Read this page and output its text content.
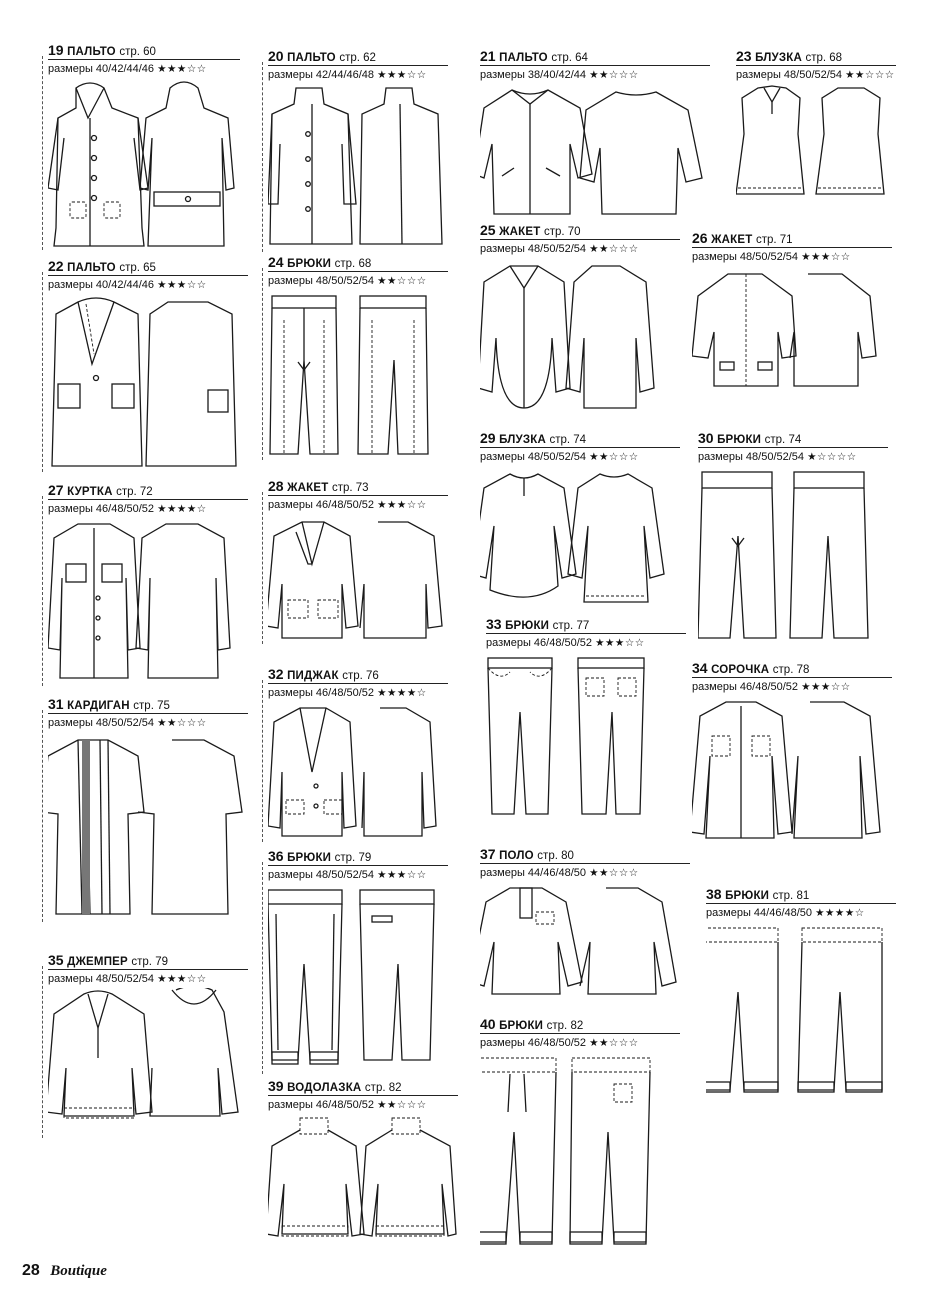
19 ПАЛЬТО стр. 60
размеры 40/42/44/46 ★★★☆☆
20 ПАЛЬТО стр. 62
размеры 42/44/46/48 ★★★☆☆
21 ПАЛЬТО стр. 64
размеры 38/40/42/44 ★★☆☆☆
23 БЛУЗКА стр. 68
размеры 48/50/52/54 ★★☆☆☆
22 ПАЛЬТО стр. 65
размеры 40/42/44/46 ★★★☆☆
24 БРЮКИ стр. 68
размеры 48/50/52/54 ★★☆☆☆
25 ЖАКЕТ стр. 70
размеры 48/50/52/54 ★★☆☆☆
26 ЖАКЕТ стр. 71
размеры 48/50/52/54 ★★★☆☆
27 КУРТКА стр. 72
размеры 46/48/50/52 ★★★★☆
28 ЖАКЕТ стр. 73
размеры 46/48/50/52 ★★★☆☆
29 БЛУЗКА стр. 74
размеры 48/50/52/54 ★★☆☆☆
30 БРЮКИ стр. 74
размеры 48/50/52/54 ★☆☆☆☆
31 КАРДИГАН стр. 75
размеры 48/50/52/54 ★★☆☆☆
32 ПИДЖАК стр. 76
размеры 46/48/50/52 ★★★★☆
33 БРЮКИ стр. 77
размеры 46/48/50/52 ★★★☆☆
34 СОРОЧКА стр. 78
размеры 46/48/50/52 ★★★☆☆
35 ДЖЕМПЕР стр. 79
размеры 48/50/52/54 ★★★☆☆
36 БРЮКИ стр. 79
размеры 48/50/52/54 ★★★☆☆
37 ПОЛО стр. 80
размеры 44/46/48/50 ★★☆☆☆
38 БРЮКИ стр. 81
размеры 44/46/48/50 ★★★★☆
39 ВОДОЛАЗКА стр. 82
размеры 46/48/50/52 ★★☆☆☆
40 БРЮКИ стр. 82
размеры 46/48/50/52 ★★☆☆☆
28 Boutique
